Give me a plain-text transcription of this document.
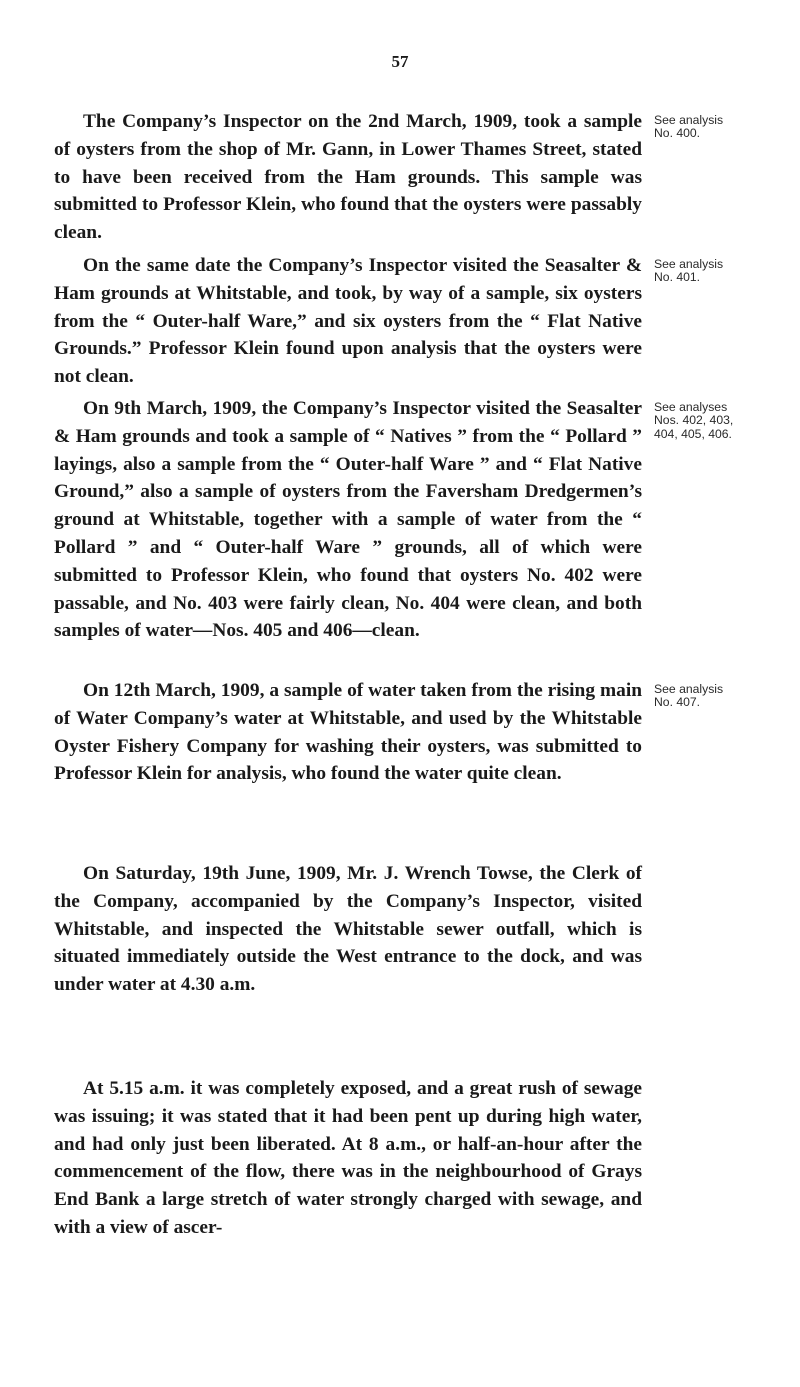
57

The Company’s Inspector on the 2nd March, 1909, took a sample of oysters from the shop of Mr. Gann, in Lower Thames Street, stated to have been received from the Ham grounds. This sample was submitted to Professor Klein, who found that the oysters were passably clean.

See analysis
No. 400.

On the same date the Company’s Inspector visited the Seasalter & Ham grounds at Whitstable, and took, by way of a sample, six oysters from the “ Outer-half Ware,” and six oysters from the “ Flat Native Grounds.” Professor Klein found upon analysis that the oysters were not clean.

See analysis
No. 401.

On 9th March, 1909, the Company’s Inspector visited the Seasalter & Ham grounds and took a sample of “ Natives ” from the “ Pollard ” layings, also a sample from the “ Outer-half Ware ” and “ Flat Native Ground,” also a sample of oysters from the Faversham Dredgermen’s ground at Whitstable, together with a sample of water from the “ Pollard ” and “ Outer-half Ware ” grounds, all of which were submitted to Professor Klein, who found that oysters No. 402 were passable, and No. 403 were fairly clean, No. 404 were clean, and both samples of water—Nos. 405 and 406—clean.

See analyses
Nos. 402, 403,
404, 405, 406.

On 12th March, 1909, a sample of water taken from the rising main of Water Company’s water at Whitstable, and used by the Whitstable Oyster Fishery Company for washing their oysters, was submitted to Professor Klein for analysis, who found the water quite clean.

See analysis
No. 407.

On Saturday, 19th June, 1909, Mr. J. Wrench Towse, the Clerk of the Company, accompanied by the Company’s Inspector, visited Whitstable, and inspected the Whitstable sewer outfall, which is situated immediately outside the West entrance to the dock, and was under water at 4.30 a.m.

At 5.15 a.m. it was completely exposed, and a great rush of sewage was issuing; it was stated that it had been pent up during high water, and had only just been liberated. At 8 a.m., or half-an-hour after the commencement of the flow, there was in the neighbourhood of Grays End Bank a large stretch of water strongly charged with sewage, and with a view of ascer-
